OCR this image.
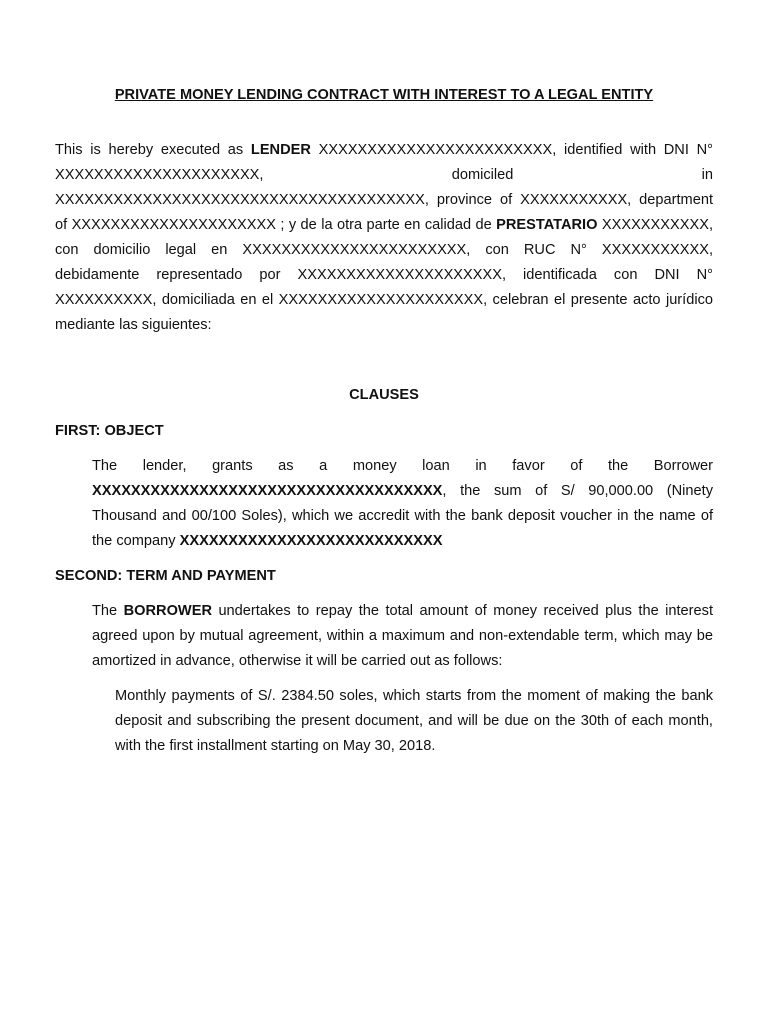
PRIVATE MONEY LENDING CONTRACT WITH INTEREST TO A LEGAL ENTITY

This is hereby executed as LENDER XXXXXXXXXXXXXXXXXXXXXXXX, identified with DNI N° XXXXXXXXXXXXXXXXXXXXX, domiciled in XXXXXXXXXXXXXXXXXXXXXXXXXXXXXXXXXXXXXX, province of XXXXXXXXXXX, department of XXXXXXXXXXXXXXXXXXXXX ; y de la otra parte en calidad de PRESTATARIO XXXXXXXXXXX, con domicilio legal en XXXXXXXXXXXXXXXXXXXXXXX, con RUC N° XXXXXXXXXXX, debidamente representado por XXXXXXXXXXXXXXXXXXXXX, identificada con DNI N° XXXXXXXXXX, domiciliada en el XXXXXXXXXXXXXXXXXXXXX, celebran el presente acto jurídico mediante las siguientes:

CLAUSES
FIRST: OBJECT

The lender, grants as a money loan in favor of the Borrower XXXXXXXXXXXXXXXXXXXXXXXXXXXXXXXXXXXX, the sum of S/ 90,000.00 (Ninety Thousand and 00/100 Soles), which we accredit with the bank deposit voucher in the name of the company XXXXXXXXXXXXXXXXXXXXXXXXXXX

SECOND: TERM AND PAYMENT

The BORROWER undertakes to repay the total amount of money received plus the interest agreed upon by mutual agreement, within a maximum and non-extendable term, which may be amortized in advance, otherwise it will be carried out as follows:

Monthly payments of S/. 2384.50 soles, which starts from the moment of making the bank deposit and subscribing the present document, and will be due on the 30th of each month, with the first installment starting on May 30, 2018.
